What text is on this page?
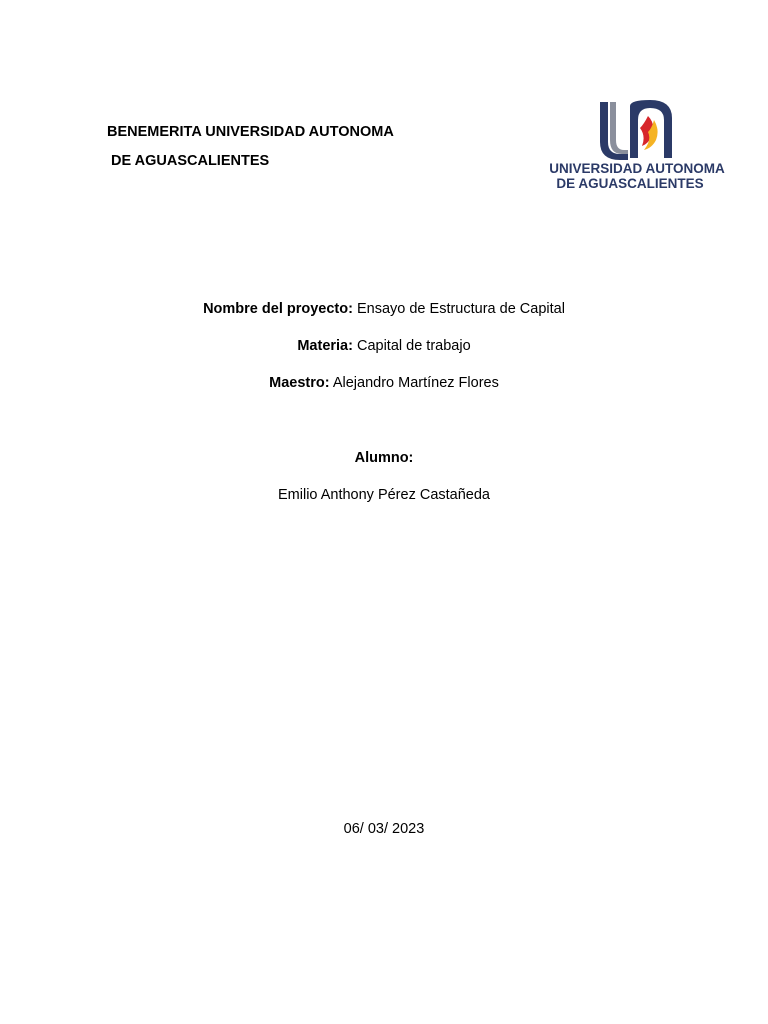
BENEMERITA UNIVERSIDAD AUTONOMA
DE AGUASCALIENTES	UNIVERSIDAD AUTONOMA
DE AGUASCALIENTES
Nombre del proyecto: Ensayo de Estructura de Capital
Materia: Capital de trabajo
Maestro: Alejandro Martínez Flores
Alumno:
Emilio Anthony Pérez Castañeda
06/ 03/ 2023
